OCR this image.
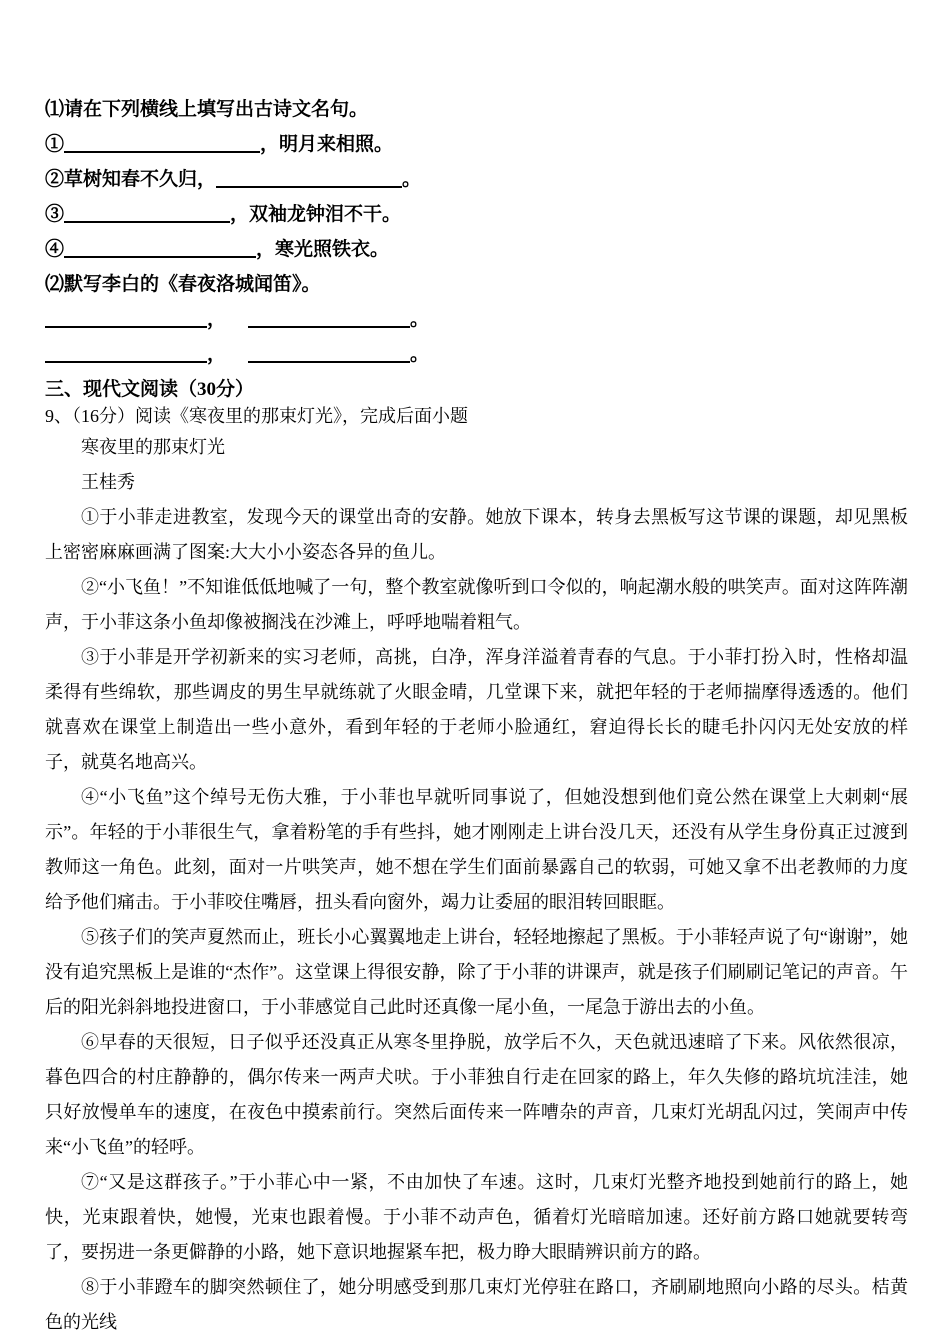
⑴请在下列横线上填写出古诗文名句。

①	，明月来相照。

②草树知春不久归，	。

③	，双袖龙钟泪不干。

④	，寒光照铁衣。

⑵默写李白的《春夜洛城闻笛》。

，	。

，	。

三、现代文阅读（30分）

9、（16分）阅读《寒夜里的那束灯光》，完成后面小题

寒夜里的那束灯光

王桂秀

①于小菲走进教室，发现今天的课堂出奇的安静。她放下课本，转身去黑板写这节课的课题，却见黑板上密密麻麻画满了图案:大大小小姿态各异的鱼儿。

②“小飞鱼！”不知谁低低地喊了一句，整个教室就像听到口令似的，响起潮水般的哄笑声。面对这阵阵潮声，于小菲这条小鱼却像被搁浅在沙滩上，呼呼地喘着粗气。

③于小菲是开学初新来的实习老师，高挑，白净，浑身洋溢着青春的气息。于小菲打扮入时，性格却温柔得有些绵软，那些调皮的男生早就练就了火眼金晴，几堂课下来，就把年轻的于老师揣摩得透透的。他们就喜欢在课堂上制造出一些小意外，看到年轻的于老师小脸通红，窘迫得长长的睫毛扑闪闪无处安放的样子，就莫名地高兴。

④“小飞鱼”这个绰号无伤大雅，于小菲也早就听同事说了，但她没想到他们竟公然在课堂上大刺刺“展示”。年轻的于小菲很生气，拿着粉笔的手有些抖，她才刚刚走上讲台没几天，还没有从学生身份真正过渡到教师这一角色。此刻，面对一片哄笑声，她不想在学生们面前暴露自己的软弱，可她又拿不出老教师的力度给予他们痛击。于小菲咬住嘴唇，扭头看向窗外，竭力让委屈的眼泪转回眼眶。

⑤孩子们的笑声夏然而止，班长小心翼翼地走上讲台，轻轻地擦起了黑板。于小菲轻声说了句“谢谢”，她没有追究黑板上是谁的“杰作”。这堂课上得很安静，除了于小菲的讲课声，就是孩子们刷刷记笔记的声音。午后的阳光斜斜地投进窗口，于小菲感觉自己此时还真像一尾小鱼，一尾急于游出去的小鱼。

⑥早春的天很短，日子似乎还没真正从寒冬里挣脱，放学后不久，天色就迅速暗了下来。风依然很凉，暮色四合的村庄静静的，偶尔传来一两声犬吠。于小菲独自行走在回家的路上，年久失修的路坑坑洼洼，她只好放慢单车的速度，在夜色中摸索前行。突然后面传来一阵嘈杂的声音，几束灯光胡乱闪过，笑闹声中传来“小飞鱼”的轻呼。

⑦“又是这群孩子。”于小菲心中一紧，不由加快了车速。这时，几束灯光整齐地投到她前行的路上，她快，光束跟着快，她慢，光束也跟着慢。于小菲不动声色，循着灯光暗暗加速。还好前方路口她就要转弯了，要拐进一条更僻静的小路，她下意识地握紧车把，极力睁大眼睛辨识前方的路。

⑧于小菲蹬车的脚突然顿住了，她分明感受到那几束灯光停驻在路口，齐刷刷地照向小路的尽头。桔黄色的光线
